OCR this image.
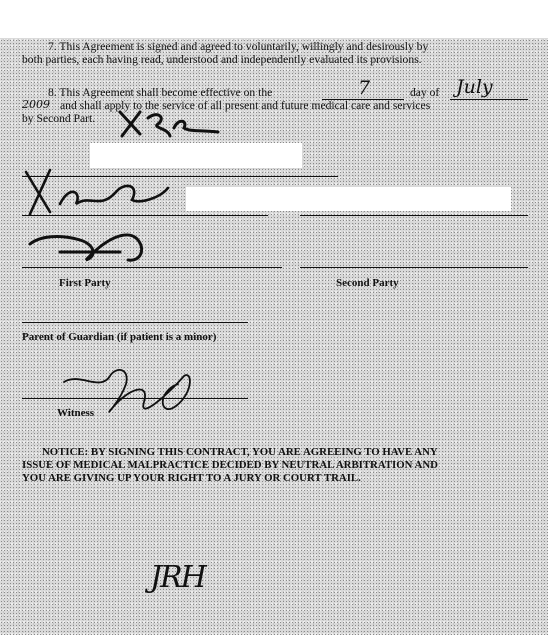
7. This Agreement is signed and agreed to voluntarily, willingly and desirously by
both parties, each having read, understood and independently evaluated its provisions.
8. This Agreement shall become effective on the	7	day of July
2009 and shall apply to the service of all present and future medical care and services
by Second Part.
First Party	Second Party
Parent of Guardian (if patient is a minor)
Witness
NOTICE: BY SIGNING THIS CONTRACT, YOU ARE AGREEING TO HAVE ANY
ISSUE OF MEDICAL MALPRACTICE DECIDED BY NEUTRAL ARBITRATION AND
YOU ARE GIVING UP YOUR RIGHT TO A JURY OR COURT TRAIL.
JRH
